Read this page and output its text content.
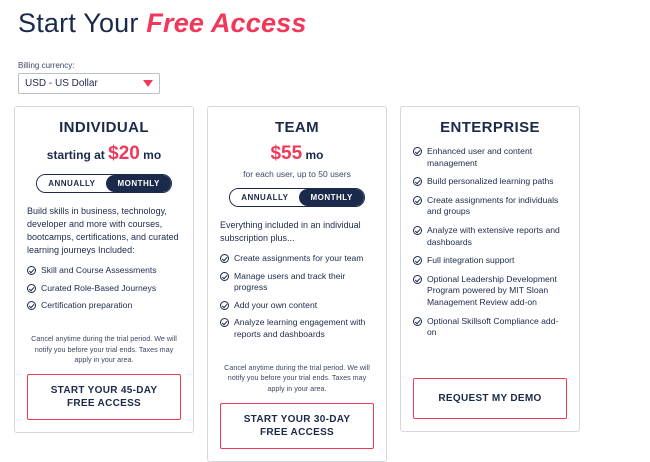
Start Your Free Access
Billing currency:
USD - US Dollar
INDIVIDUAL
starting at $20 mo
ANNUALLY	MONTHLY
Build skills in business, technology, developer and more with courses, bootcamps, certifications, and curated learning journeys Included:
Skill and Course Assessments
Curated Role-Based Journeys
Certification preparation
Cancel anytime during the trial period. We will notify you before your trial ends. Taxes may apply in your area.
START YOUR 45-DAY
FREE ACCESS
TEAM
$55 mo
for each user, up to 50 users
ANNUALLY	MONTHLY
Everything included in an individual subscription plus...
Create assignments for your team
Manage users and track their progress
Add your own content
Analyze learning engagement with reports and dashboards
Cancel anytime during the trial period. We will notify you before your trial ends. Taxes may apply in your area.
START YOUR 30-DAY
FREE ACCESS
ENTERPRISE
Enhanced user and content management
Build personalized learning paths
Create assignments for individuals and groups
Analyze with extensive reports and dashboards
Full integration support
Optional Leadership Development Program powered by MIT Sloan Management Review add-on
Optional Skillsoft Compliance add-on
REQUEST MY DEMO
